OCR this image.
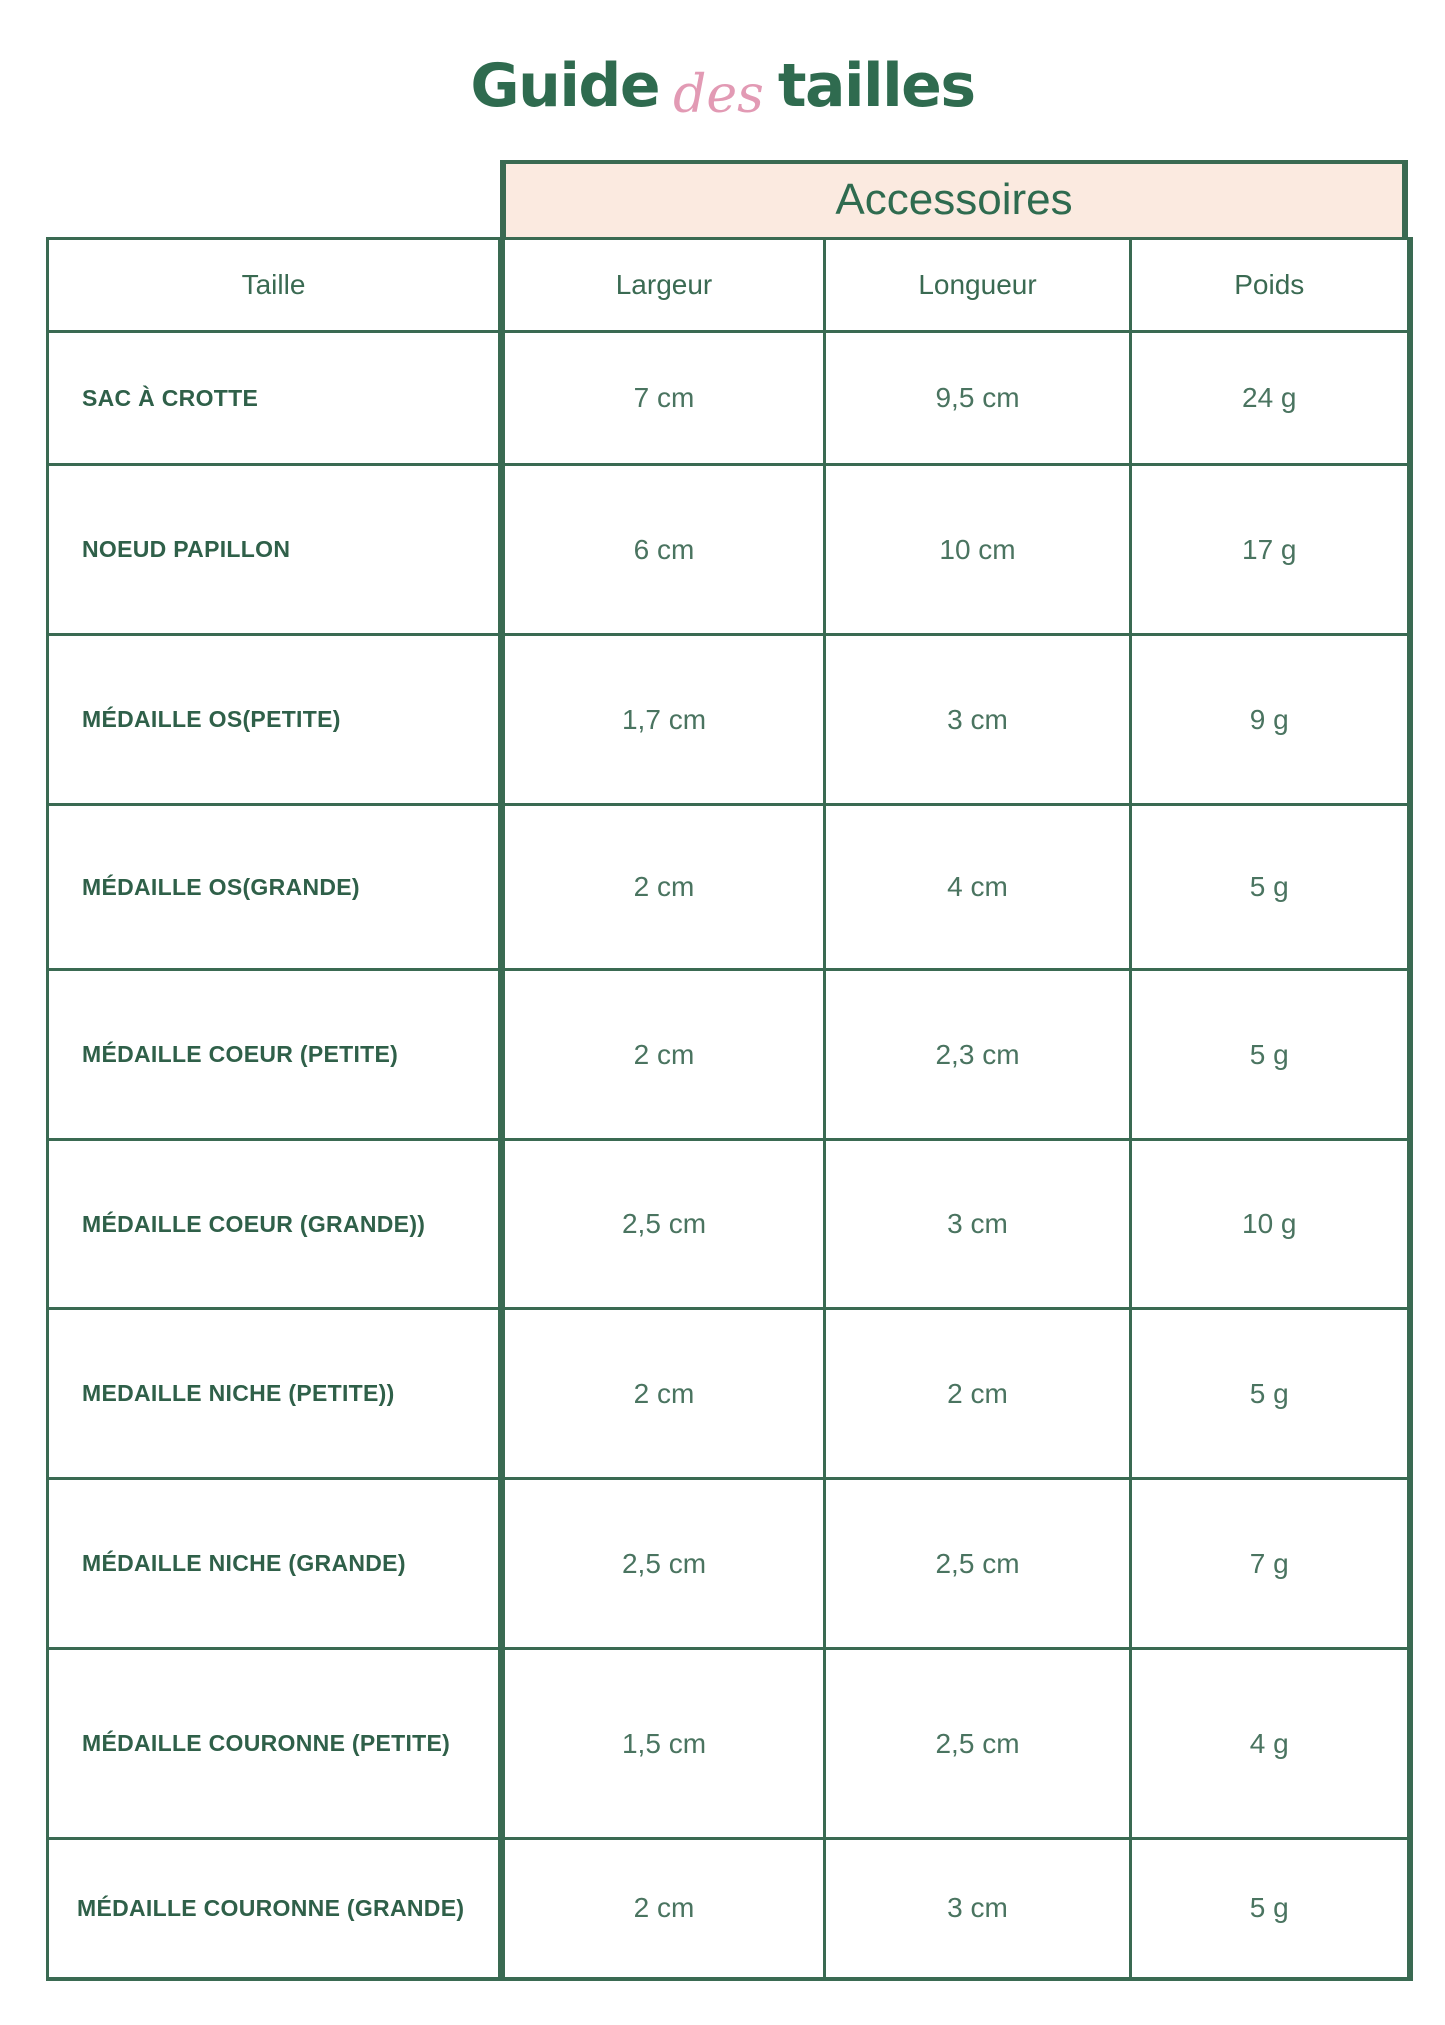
Guide des tailles
Accessoires
Taille	Largeur	Longueur	Poids
SAC À CROTTE	7 cm	9,5 cm	24 g
NOEUD PAPILLON	6 cm	10 cm	17 g
MÉDAILLE OS(PETITE)	1,7 cm	3 cm	9 g
MÉDAILLE OS(GRANDE)	2 cm	4 cm	5 g
MÉDAILLE COEUR (PETITE)	2 cm	2,3 cm	5 g
MÉDAILLE COEUR (GRANDE))	2,5 cm	3 cm	10 g
MEDAILLE NICHE (PETITE))	2 cm	2 cm	5 g
MÉDAILLE NICHE (GRANDE)	2,5 cm	2,5 cm	7 g
MÉDAILLE COURONNE (PETITE)	1,5 cm	2,5 cm	4 g
MÉDAILLE COURONNE (GRANDE)	2 cm	3 cm	5 g
